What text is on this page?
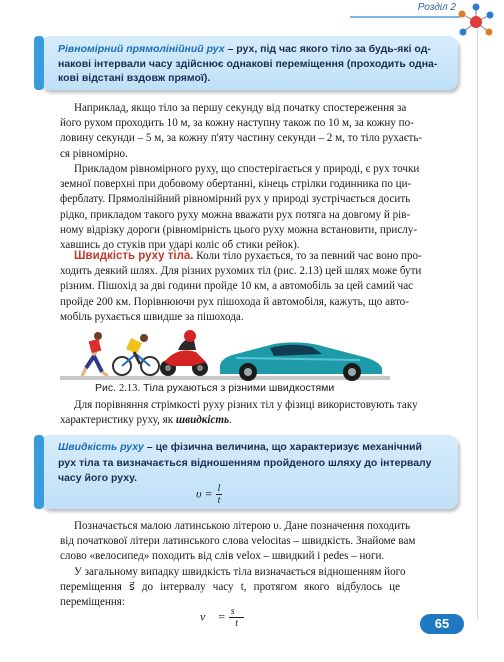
Розділ 2
Рівномірний прямолінійний рух – рух, під час якого тіло за будь-які од-
накові інтервали часу здійснює однакові переміщення (проходить одна-
кові відстані вздовж прямої).
Наприклад, якщо тіло за першу секунду від початку спостереження за
його рухом проходить 10 м, за кожну наступну також по 10 м, за кожну по-
ловину секунди – 5 м, за кожну п'яту частину секунди – 2 м, то тіло рухаєть-
ся рівномірно.
Прикладом рівномірного руху, що спостерігається у природі, є рух точки
земної поверхні при добовому обертанні, кінець стрілки годинника по ци-
ферблату. Прямолінійний рівномірний рух у природі зустрічається досить
рідко, прикладом такого руху можна вважати рух потяга на довгому й рів-
ному відрізку дороги (рівномірність цього руху можна встановити, прислу-
хавшись до стуків при ударі коліс об стики рейок).
Швидкість руху тіла. Коли тіло рухається, то за певний час воно про-
ходить деякий шлях. Для різних рухомих тіл (рис. 2.13) цей шлях може бути
різним. Пішохід за дві години пройде 10 км, а автомобіль за цей самий час
пройде 200 км. Порівнюючи рух пішохода й автомобіля, кажуть, що авто-
мобіль рухається швидше за пішохода.
Рис. 2.13. Тіла рухаються з різними швидкостями
Для порівняння стрімкості руху різних тіл у фізиці використовують таку
характеристику руху, як швидкість.
Швидкість руху – це фізична величина, що характеризує механічний
рух тіла та визначається відношенням пройденого шляху до інтервалу
часу його руху.
$\upsilon = \frac{l}{t}$
Позначається малою латинською літерою υ. Дане позначення походить
від початкової літери латинського слова velocitas – швидкість. Знайоме вам
слово «велосипед» походить від слів velox – швидкий і pedes – ноги.
У загальному випадку швидкість тіла визначається відношенням його
переміщення s⃗ до інтервалу часу t, протягом якого відбулось це переміщення:
v⃗ = $\frac{s⃗}{t}$	65
